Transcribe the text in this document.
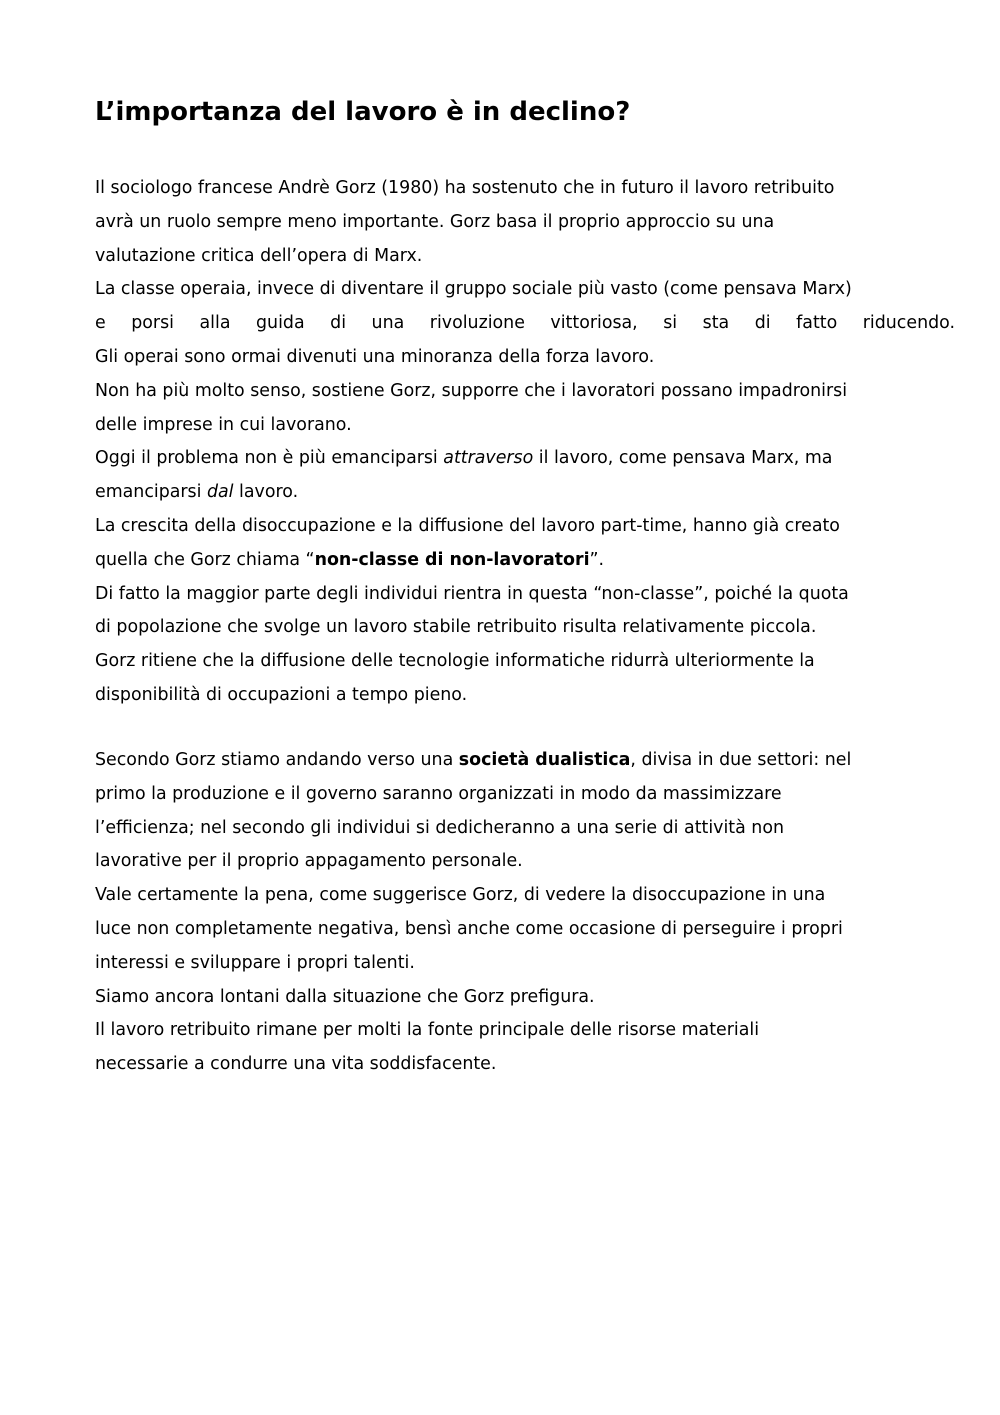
L’importanza del lavoro è in declino?
Il sociologo francese Andrè Gorz (1980) ha sostenuto che in futuro il lavoro retribuito
avrà un ruolo sempre meno importante. Gorz basa il proprio approccio su una
valutazione critica dell’opera di Marx.
La classe operaia, invece di diventare il gruppo sociale più vasto (come pensava Marx)
e porsi alla guida di una rivoluzione vittoriosa, si sta di fatto riducendo.
Gli operai sono ormai divenuti una minoranza della forza lavoro.
Non ha più molto senso, sostiene Gorz, supporre che i lavoratori possano impadronirsi
delle imprese in cui lavorano.
Oggi il problema non è più emanciparsi attraverso il lavoro, come pensava Marx, ma
emanciparsi dal lavoro.
La crescita della disoccupazione e la diffusione del lavoro part-time, hanno già creato
quella che Gorz chiama “non-classe di non-lavoratori”.
Di fatto la maggior parte degli individui rientra in questa “non-classe”, poiché la quota
di popolazione che svolge un lavoro stabile retribuito risulta relativamente piccola.
Gorz ritiene che la diffusione delle tecnologie informatiche ridurrà ulteriormente la
disponibilità di occupazioni a tempo pieno.
Secondo Gorz stiamo andando verso una società dualistica, divisa in due settori: nel
primo la produzione e il governo saranno organizzati in modo da massimizzare
l’efficienza; nel secondo gli individui si dedicheranno a una serie di attività non
lavorative per il proprio appagamento personale.
Vale certamente la pena, come suggerisce Gorz, di vedere la disoccupazione in una
luce non completamente negativa, bensì anche come occasione di perseguire i propri
interessi e sviluppare i propri talenti.
Siamo ancora lontani dalla situazione che Gorz prefigura.
Il lavoro retribuito rimane per molti la fonte principale delle risorse materiali
necessarie a condurre una vita soddisfacente.
